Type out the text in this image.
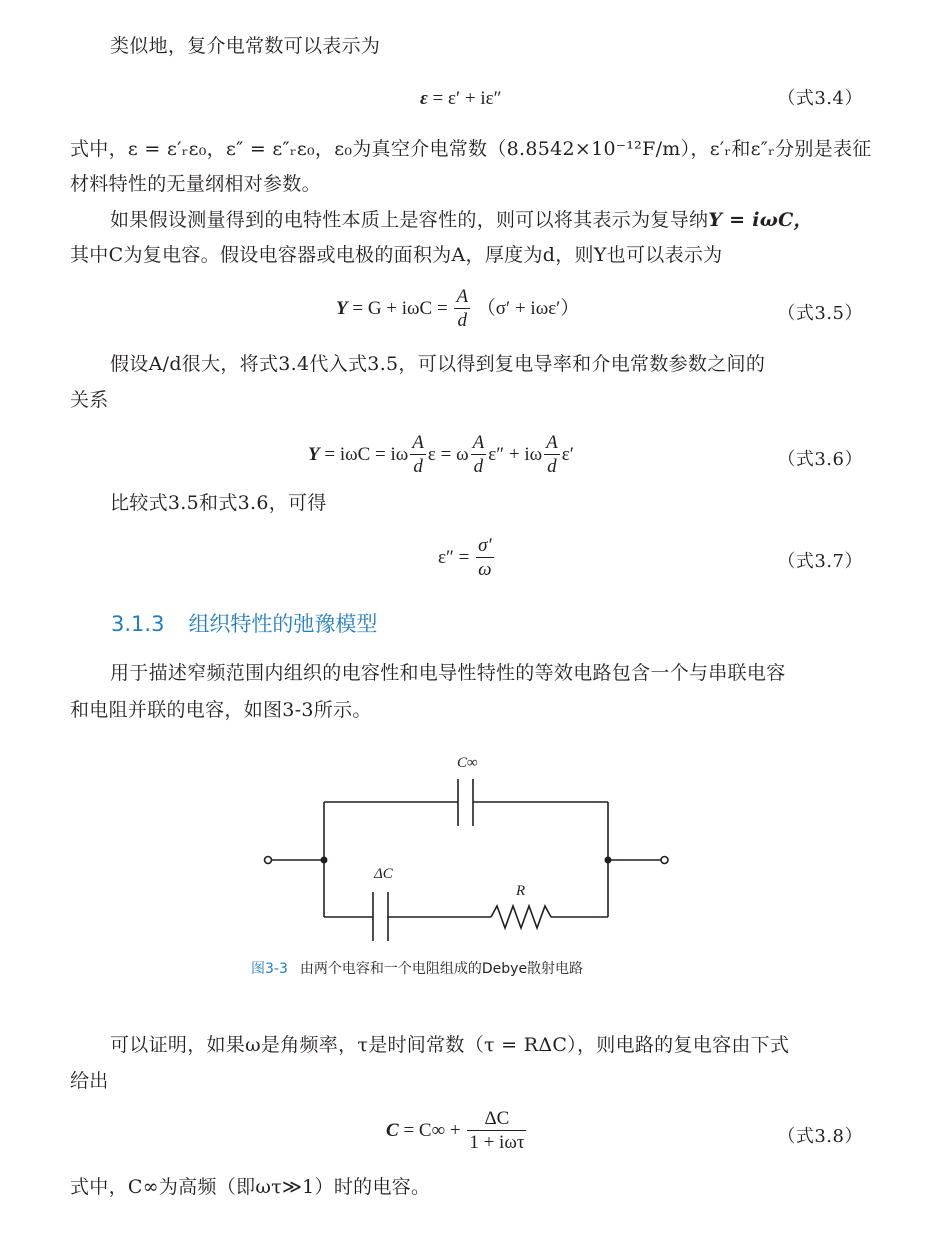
类似地，复介电常数可以表示为
ε = ε′ + iε″	（式3.4）
式中，ε = ε′ᵣε₀，ε″ = ε″ᵣε₀，ε₀为真空介电常数（8.8542×10⁻¹²F/m），ε′ᵣ和ε″ᵣ分别是表征
材料特性的无量纲相对参数。
如果假设测量得到的电特性本质上是容性的，则可以将其表示为复导纳Y = iωC，
其中C为复电容。假设电容器或电极的面积为A，厚度为d，则Y也可以表示为
$Y = G + i\omega C = \frac{A}{d} (\sigma' + i\omega\varepsilon')$	（式3.5）
假设A/d很大，将式3.4代入式3.5，可以得到复电导率和介电常数参数之间的
关系
Y = iωC = iω $\frac{A}{d}$ ε = ω $\frac{A}{d} \varepsilon'' + i\omega \frac{A}{d} \varepsilon'$	（式3.6）
比较式3.5和式3.6，可得
$\varepsilon'' = \frac{\sigma'}{\omega}$	（式3.7）
3.1.3 组织特性的弛豫模型
用于描述窄频范围内组织的电容性和电导性特性的等效电路包含一个与串联电容
和电阻并联的电容，如图3-3所示。
C∞
ΔC
R
图3-3 由两个电容和一个电阻组成的Debye散射电路
可以证明，如果ω是角频率，τ是时间常数（τ = RΔC），则电路的复电容由下式
给出
$C = C\infty + \frac{\Delta C}{\text{1 + iωτ}}$	（式3.8）
式中，C∞为高频（即ωτ≫1）时的电容。
